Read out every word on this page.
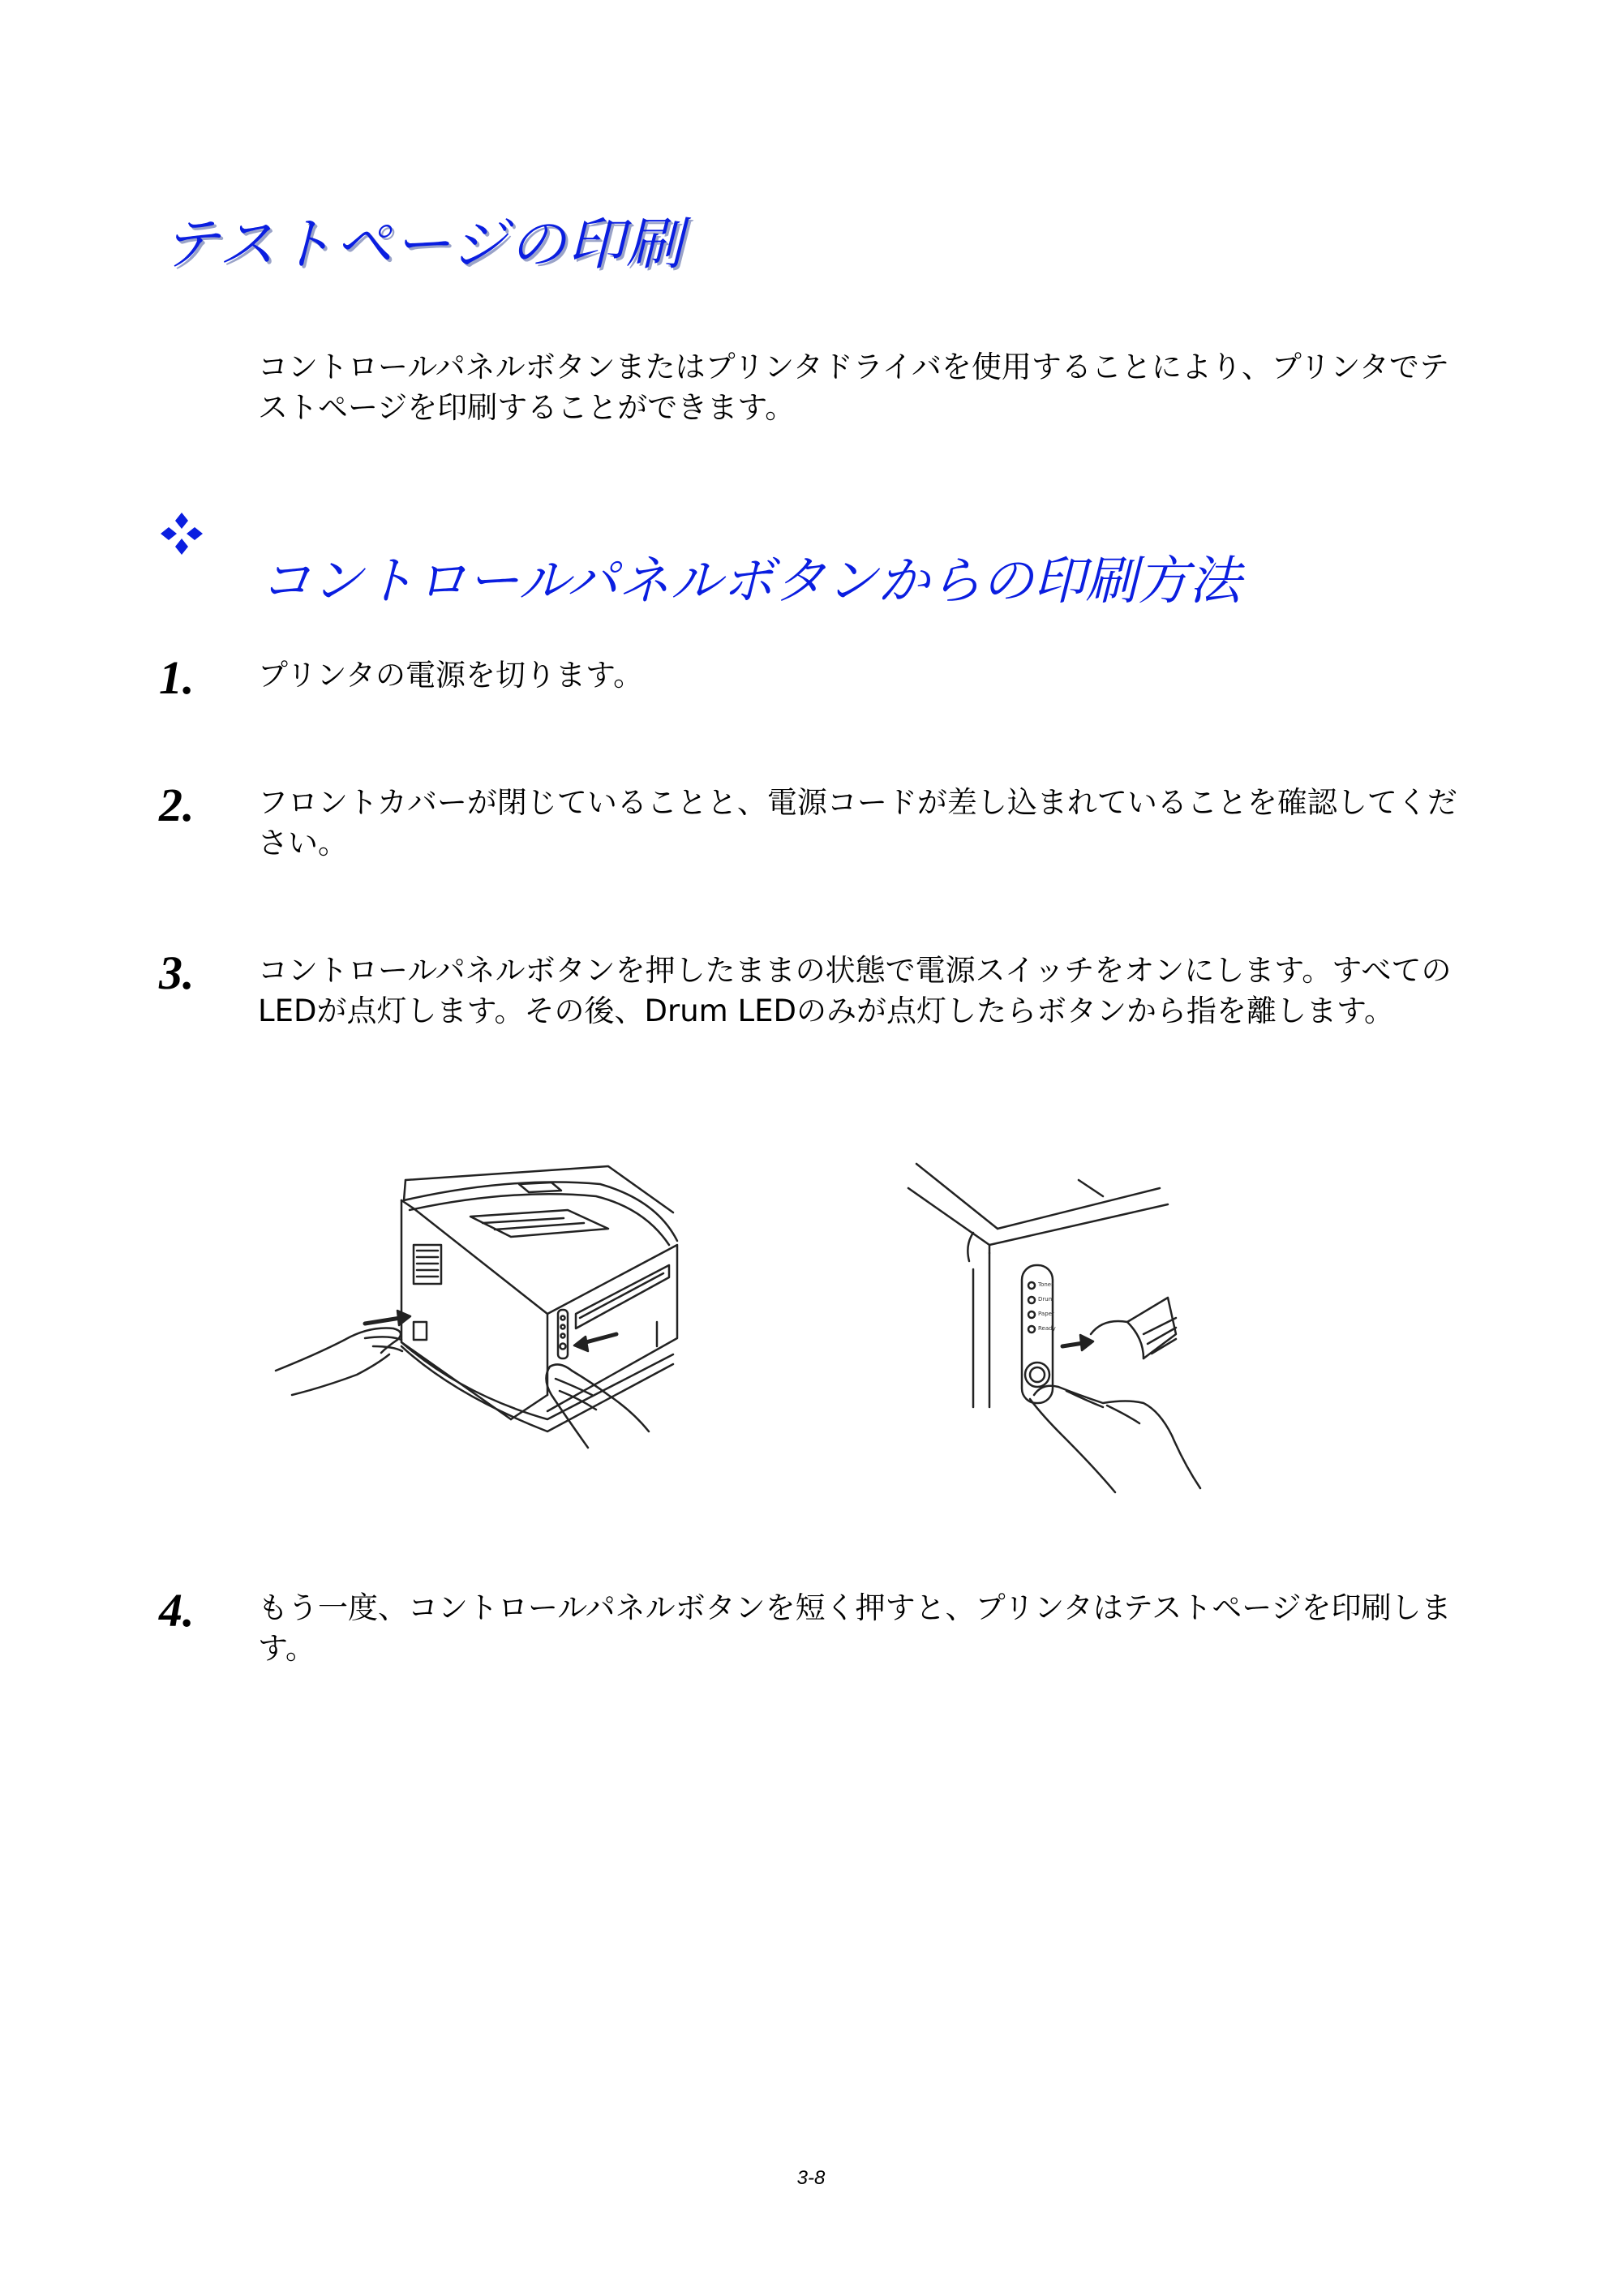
テストページの印刷

コントロールパネルボタンまたはプリンタドライバを使用することにより、プリンタでテストページを印刷することができます。

コントロールパネルボタンからの印刷方法
1. プリンタの電源を切ります。

2. フロントカバーが閉じていることと、電源コードが差し込まれていることを確認してください。

3. コントロールパネルボタンを押したままの状態で電源スイッチをオンにします。すべてのLEDが点灯します。その後、Drum LEDのみが点灯したらボタンから指を離します。

Toner
Drum
Paper
Ready
4. もう一度、コントロールパネルボタンを短く押すと、プリンタはテストページを印刷します。

3-8
